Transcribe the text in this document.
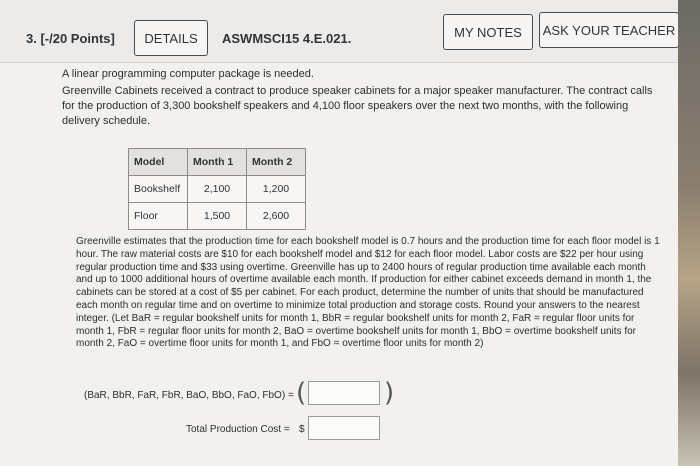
3. [-/20 Points]	DETAILS	ASWMSCI15 4.E.021.	MY NOTES	ASK YOUR TEACHER
A linear programming computer package is needed.
Greenville Cabinets received a contract to produce speaker cabinets for a major speaker manufacturer. The contract calls for the production of 3,300 bookshelf speakers and 4,100 floor speakers over the next two months, with the following delivery schedule.
Model	Month 1	Month 2
Bookshelf	2,100	1,200
Floor	1,500	2,600
Greenville estimates that the production time for each bookshelf model is 0.7 hours and the production time for each floor model is 1 hour. The raw material costs are $10 for each bookshelf model and $12 for each floor model. Labor costs are $22 per hour using regular production time and $33 using overtime. Greenville has up to 2400 hours of regular production time available each month and up to 1000 additional hours of overtime available each month. If production for either cabinet exceeds demand in month 1, the cabinets can be stored at a cost of $5 per cabinet. For each product, determine the number of units that should be manufactured each month on regular time and on overtime to minimize total production and storage costs. Round your answers to the nearest integer. (Let BaR = regular bookshelf units for month 1, BbR = regular bookshelf units for month 2, FaR = regular floor units for month 1, FbR = regular floor units for month 2, BaO = overtime bookshelf units for month 1, BbO = overtime bookshelf units for month 2, FaO = overtime floor units for month 1, and FbO = overtime floor units for month 2)
(BaR, BbR, FaR, FbR, BaO, BbO, FaO, FbO) = (	)
Total Production Cost = $
